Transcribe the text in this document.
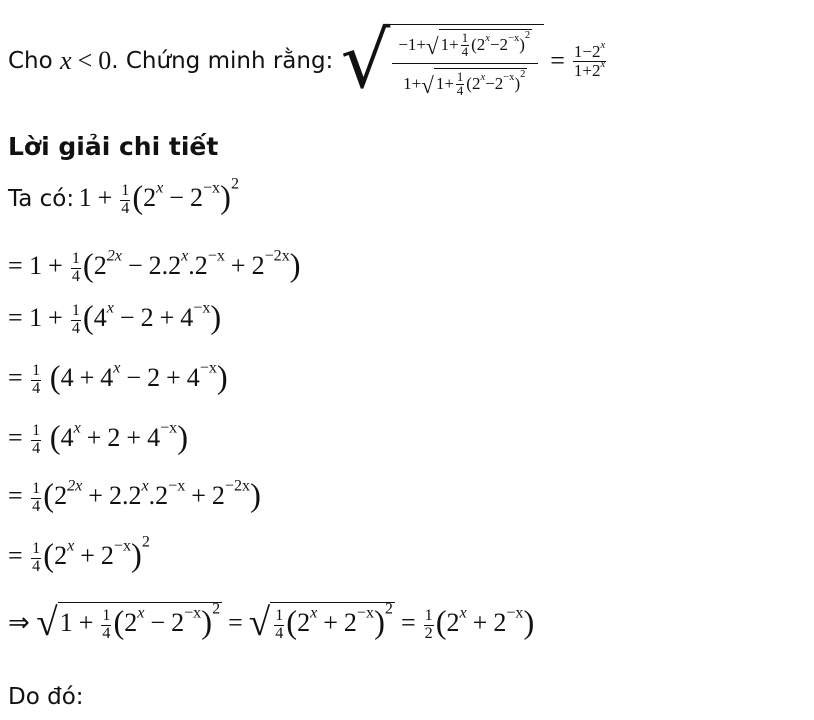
Cho
x < 0 . Chứng minh rằng:
√ $\frac{-1+√ 1+ \frac{1}{4} (2^x-2^{-x})^2}{1+√ 1+ \frac{1}{4} (2^x-2^{-x})^2} = \frac{1-2^x}{1+2^x}$
Lời giải chi tiết
Ta có: $1 + \frac{1}{4} (2^x - 2^{-x})^2$
= $1 + \frac{1}{4} (2^{2x} - 2.2^x.2^{-x} + 2^{-2x})$
= $1 + \frac{1}{4} (4^x - 2 + 4^{-x})$
= $\frac{1}{4} (4 + 4^x - 2 + 4^{-x})$
= $\frac{1}{4} (4^x + 2 + 4^{-x})$
= $\frac{1}{4} (2^{2x} + 2.2^x.2^{-x} + 2^{-2x})$
= $\frac{1}{4} (2^x + 2^{-x})^2$
⇒ $√1 + \frac{1}{4} (2^x - 2^{-x})^2$ = √ $\frac{1}{4} (2^x + 2^{-x})^2 = \frac{1}{2} (2^x + 2^{-x})$
Do đó:
